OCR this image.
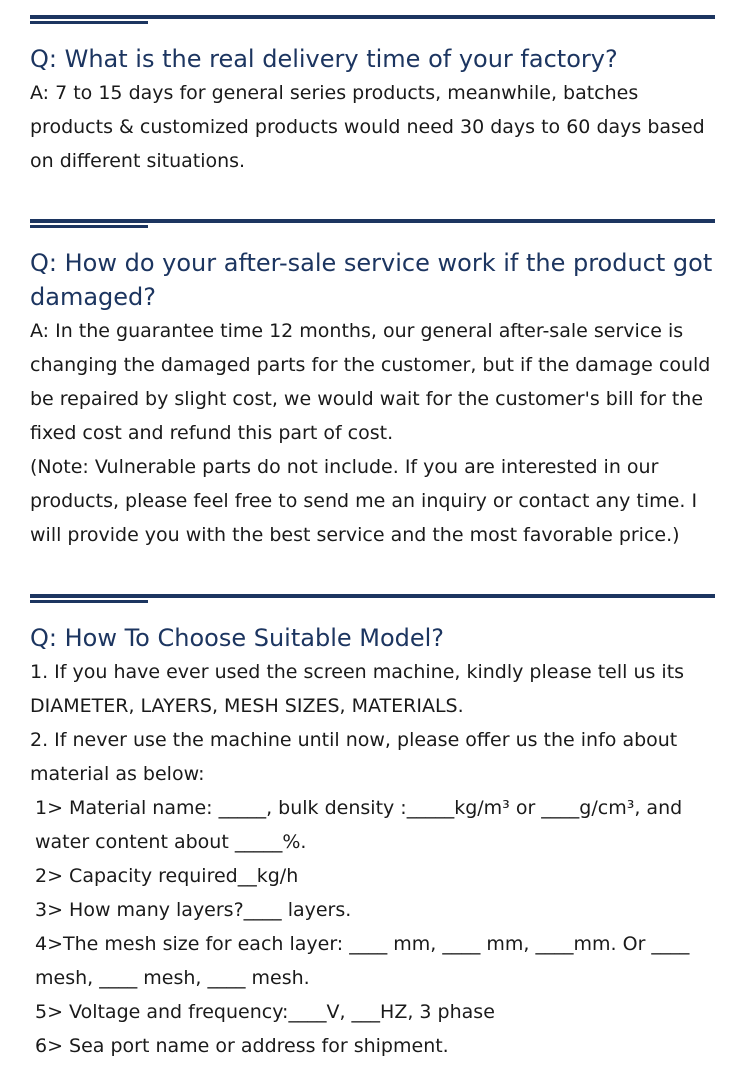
Q: What is the real delivery time of your factory?

A: 7 to 15 days for general series products, meanwhile, batches products & customized products would need 30 days to 60 days based on different situations.

Q: How do your after-sale service work if the product got damaged?

A: In the guarantee time 12 months, our general after-sale service is changing the damaged parts for the customer, but if the damage could be repaired by slight cost, we would wait for the customer's bill for the fixed cost and refund this part of cost.

(Note: Vulnerable parts do not include. If you are interested in our products, please feel free to send me an inquiry or contact any time. I will provide you with the best service and the most favorable price.)

Q: How To Choose Suitable Model?

1. If you have ever used the screen machine, kindly please tell us its DIAMETER, LAYERS, MESH SIZES, MATERIALS.

2. If never use the machine until now, please offer us the info about material as below:

1> Material name: _____, bulk density :_____kg/m³ or ____g/cm³, and water content about _____%.

2> Capacity required__kg/h

3> How many layers?____ layers.

4>The mesh size for each layer: ____ mm, ____ mm, ____mm. Or ____ mesh, ____ mesh, ____ mesh.

5> Voltage and frequency:____V, ___HZ, 3 phase

6> Sea port name or address for shipment.
